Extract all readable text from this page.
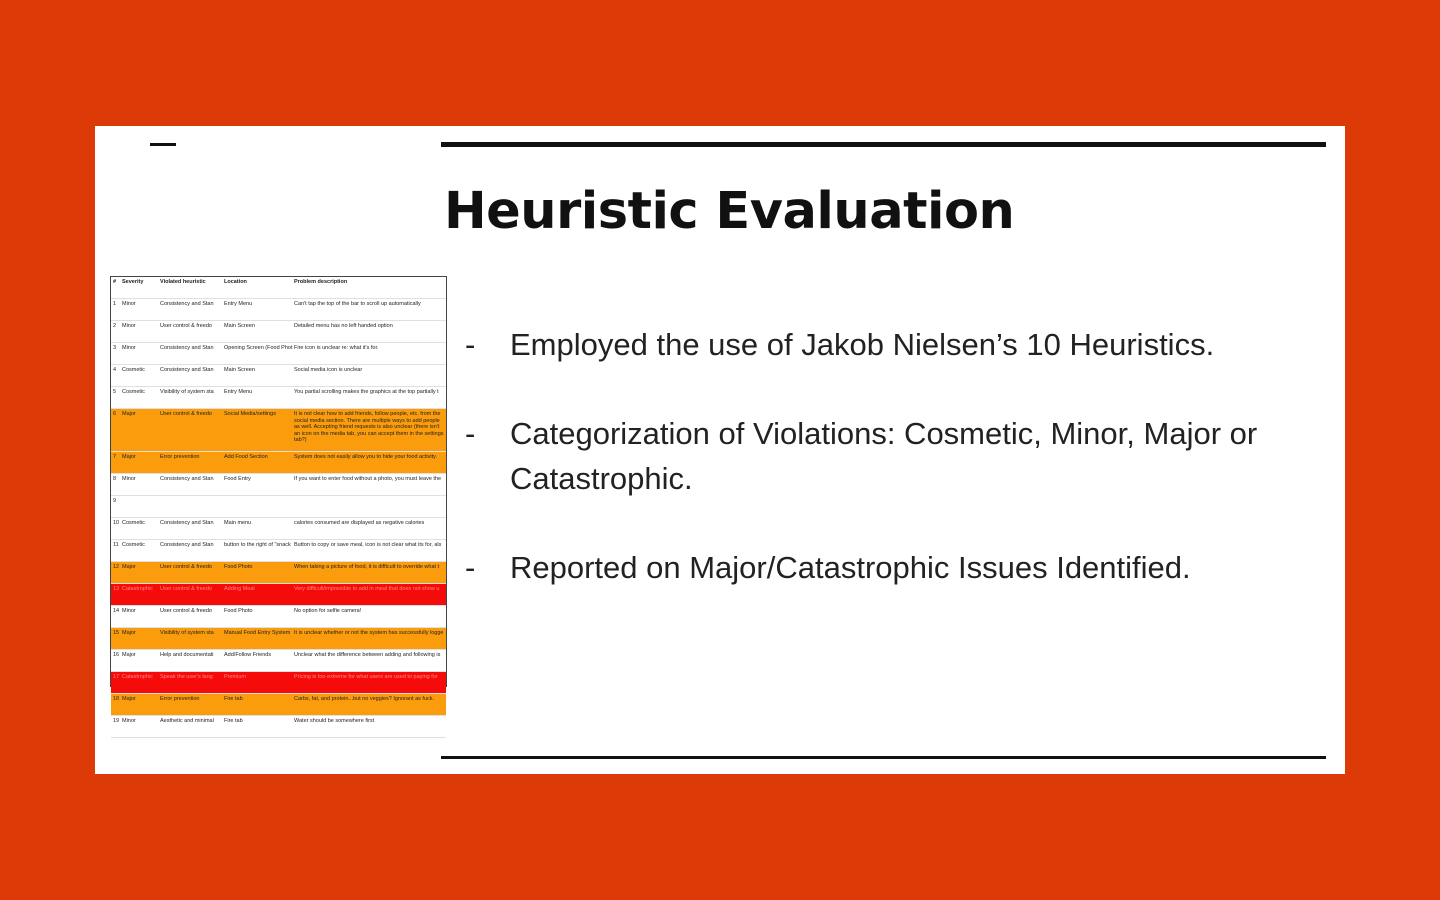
Heuristic Evaluation
#	Severity	Violated heuristic	Location	Problem description
1	Minor	Consistency and Stan	Entry Menu	Can't tap the top of the bar to scroll up automatically
2	Minor	User control & freedo	Main Screen	Detailed menu has no left handed option
3	Minor	Consistency and Stan	Opening Screen (Food Phot	Fire icon is unclear re: what it's for.
4	Cosmetic	Consistency and Stan	Main Screen	Social media icon is unclear
5	Cosmetic	Visibility of system sta	Entry Menu	You partial scrolling makes the graphics at the top partially t
6	Major	User control & freedo	Social Media/settings	It is not clear how to add friends, follow people, etc. from the social media section. There are multiple ways to add people as well. Accepting friend requests is also unclear (there isn't an icon on the media tab, you can accept them in the settings tab?)
7	Major	Error prevention	Add Food Section	System does not easily allow you to hide your food activity.
8	Minor	Consistency and Stan	Food Entry	If you want to enter food without a photo, you must leave the
9				
10	Cosmetic	Consistency and Stan	Main menu	calories consumed are displayed as negative calories
11	Cosmetic	Consistency and Stan	button to the right of "snack	Button to copy or save meal, icon is not clear what its for, als
12	Major	User control & freedo	Food Photo	When taking a picture of food, it is difficult to override what t
13	Catastrophic	User control & freedo	Adding Meal	Very difficult/impossible to add in meal that does not show u
14	Minor	User control & freedo	Food Photo	No option for selfie camera!
15	Major	Visibility of system sta	Manual Food Entry System	It is unclear whether or not the system has successfully logge
16	Major	Help and documentati	Add/Follow Friends	Unclear what the difference between adding and following is
17	Catastrophic	Speak the user's lang	Premium	Pricing is too extreme for what users are used to paying for
18	Major	Error prevention	Fire tab	Carbs, fat, and protein...but no veggies? Ignorant as fuck.
19	Minor	Aesthetic and minimal	Fire tab	Water should be somewhere first
- Employed the use of Jakob Nielsen’s 10 Heuristics.
- Categorization of Violations: Cosmetic, Minor, Major or Catastrophic.
- Reported on Major/Catastrophic Issues Identified.
